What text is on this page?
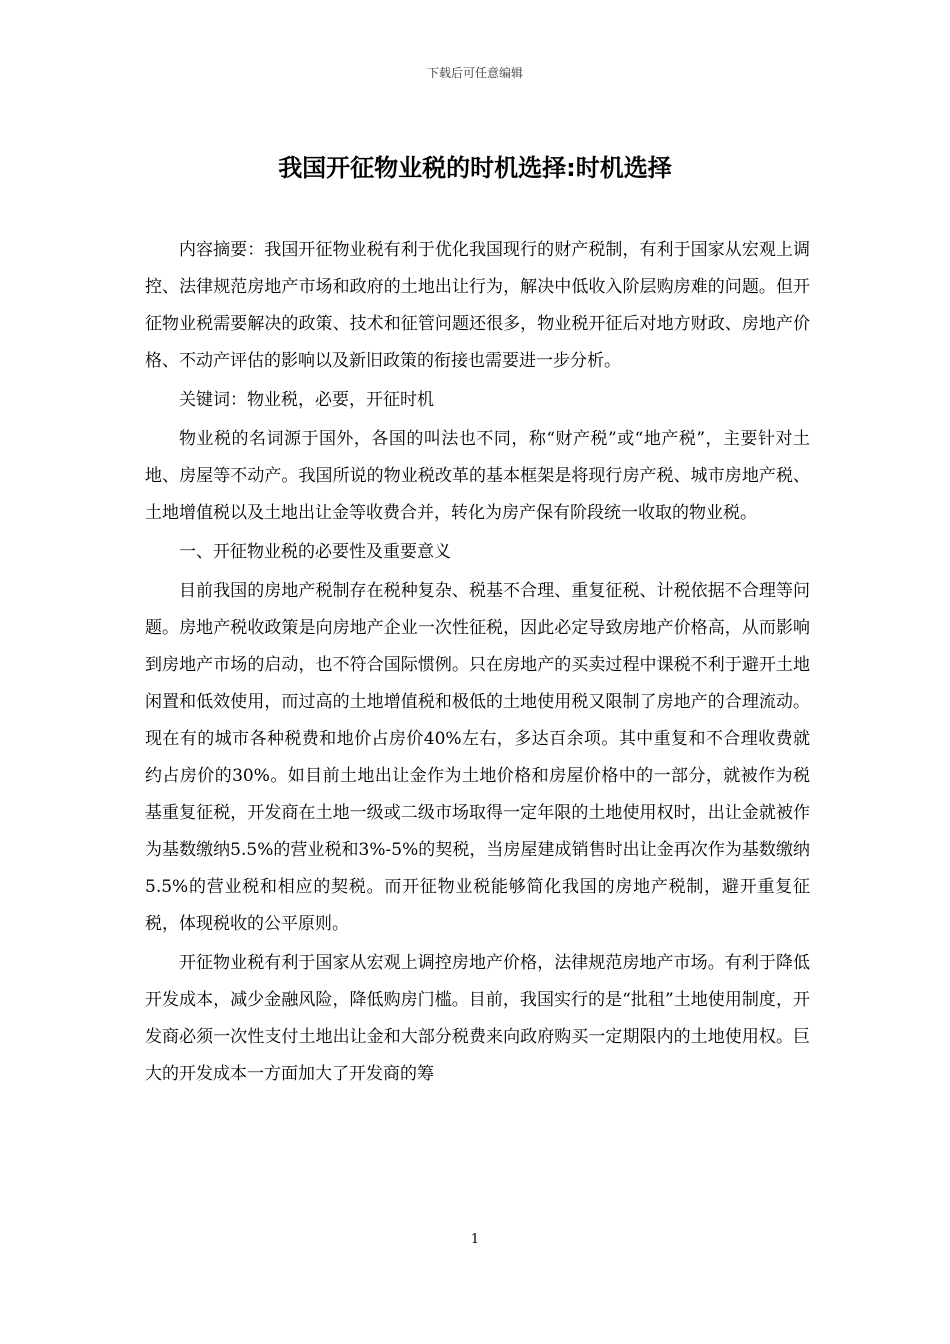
下载后可任意编辑
我国开征物业税的时机选择:时机选择

内容摘要：我国开征物业税有利于优化我国现行的财产税制，有利于国家从宏观上调控、法律规范房地产市场和政府的土地出让行为，解决中低收入阶层购房难的问题。但开征物业税需要解决的政策、技术和征管问题还很多，物业税开征后对地方财政、房地产价格、不动产评估的影响以及新旧政策的衔接也需要进一步分析。

关键词：物业税，必要，开征时机

物业税的名词源于国外，各国的叫法也不同，称“财产税”或“地产税”，主要针对土地、房屋等不动产。我国所说的物业税改革的基本框架是将现行房产税、城市房地产税、土地增值税以及土地出让金等收费合并，转化为房产保有阶段统一收取的物业税。

一、开征物业税的必要性及重要意义

目前我国的房地产税制存在税种复杂、税基不合理、重复征税、计税依据不合理等问题。房地产税收政策是向房地产企业一次性征税，因此必定导致房地产价格高，从而影响到房地产市场的启动，也不符合国际惯例。只在房地产的买卖过程中课税不利于避开土地闲置和低效使用，而过高的土地增值税和极低的土地使用税又限制了房地产的合理流动。现在有的城市各种税费和地价占房价40%左右，多达百余项。其中重复和不合理收费就约占房价的30%。如目前土地出让金作为土地价格和房屋价格中的一部分，就被作为税基重复征税，开发商在土地一级或二级市场取得一定年限的土地使用权时，出让金就被作为基数缴纳5.5%的营业税和3%-5%的契税，当房屋建成销售时出让金再次作为基数缴纳5.5%的营业税和相应的契税。而开征物业税能够简化我国的房地产税制，避开重复征税，体现税收的公平原则。

开征物业税有利于国家从宏观上调控房地产价格，法律规范房地产市场。有利于降低开发成本，减少金融风险，降低购房门槛。目前，我国实行的是“批租”土地使用制度，开发商必须一次性支付土地出让金和大部分税费来向政府购买一定期限内的土地使用权。巨大的开发成本一方面加大了开发商的筹

1
